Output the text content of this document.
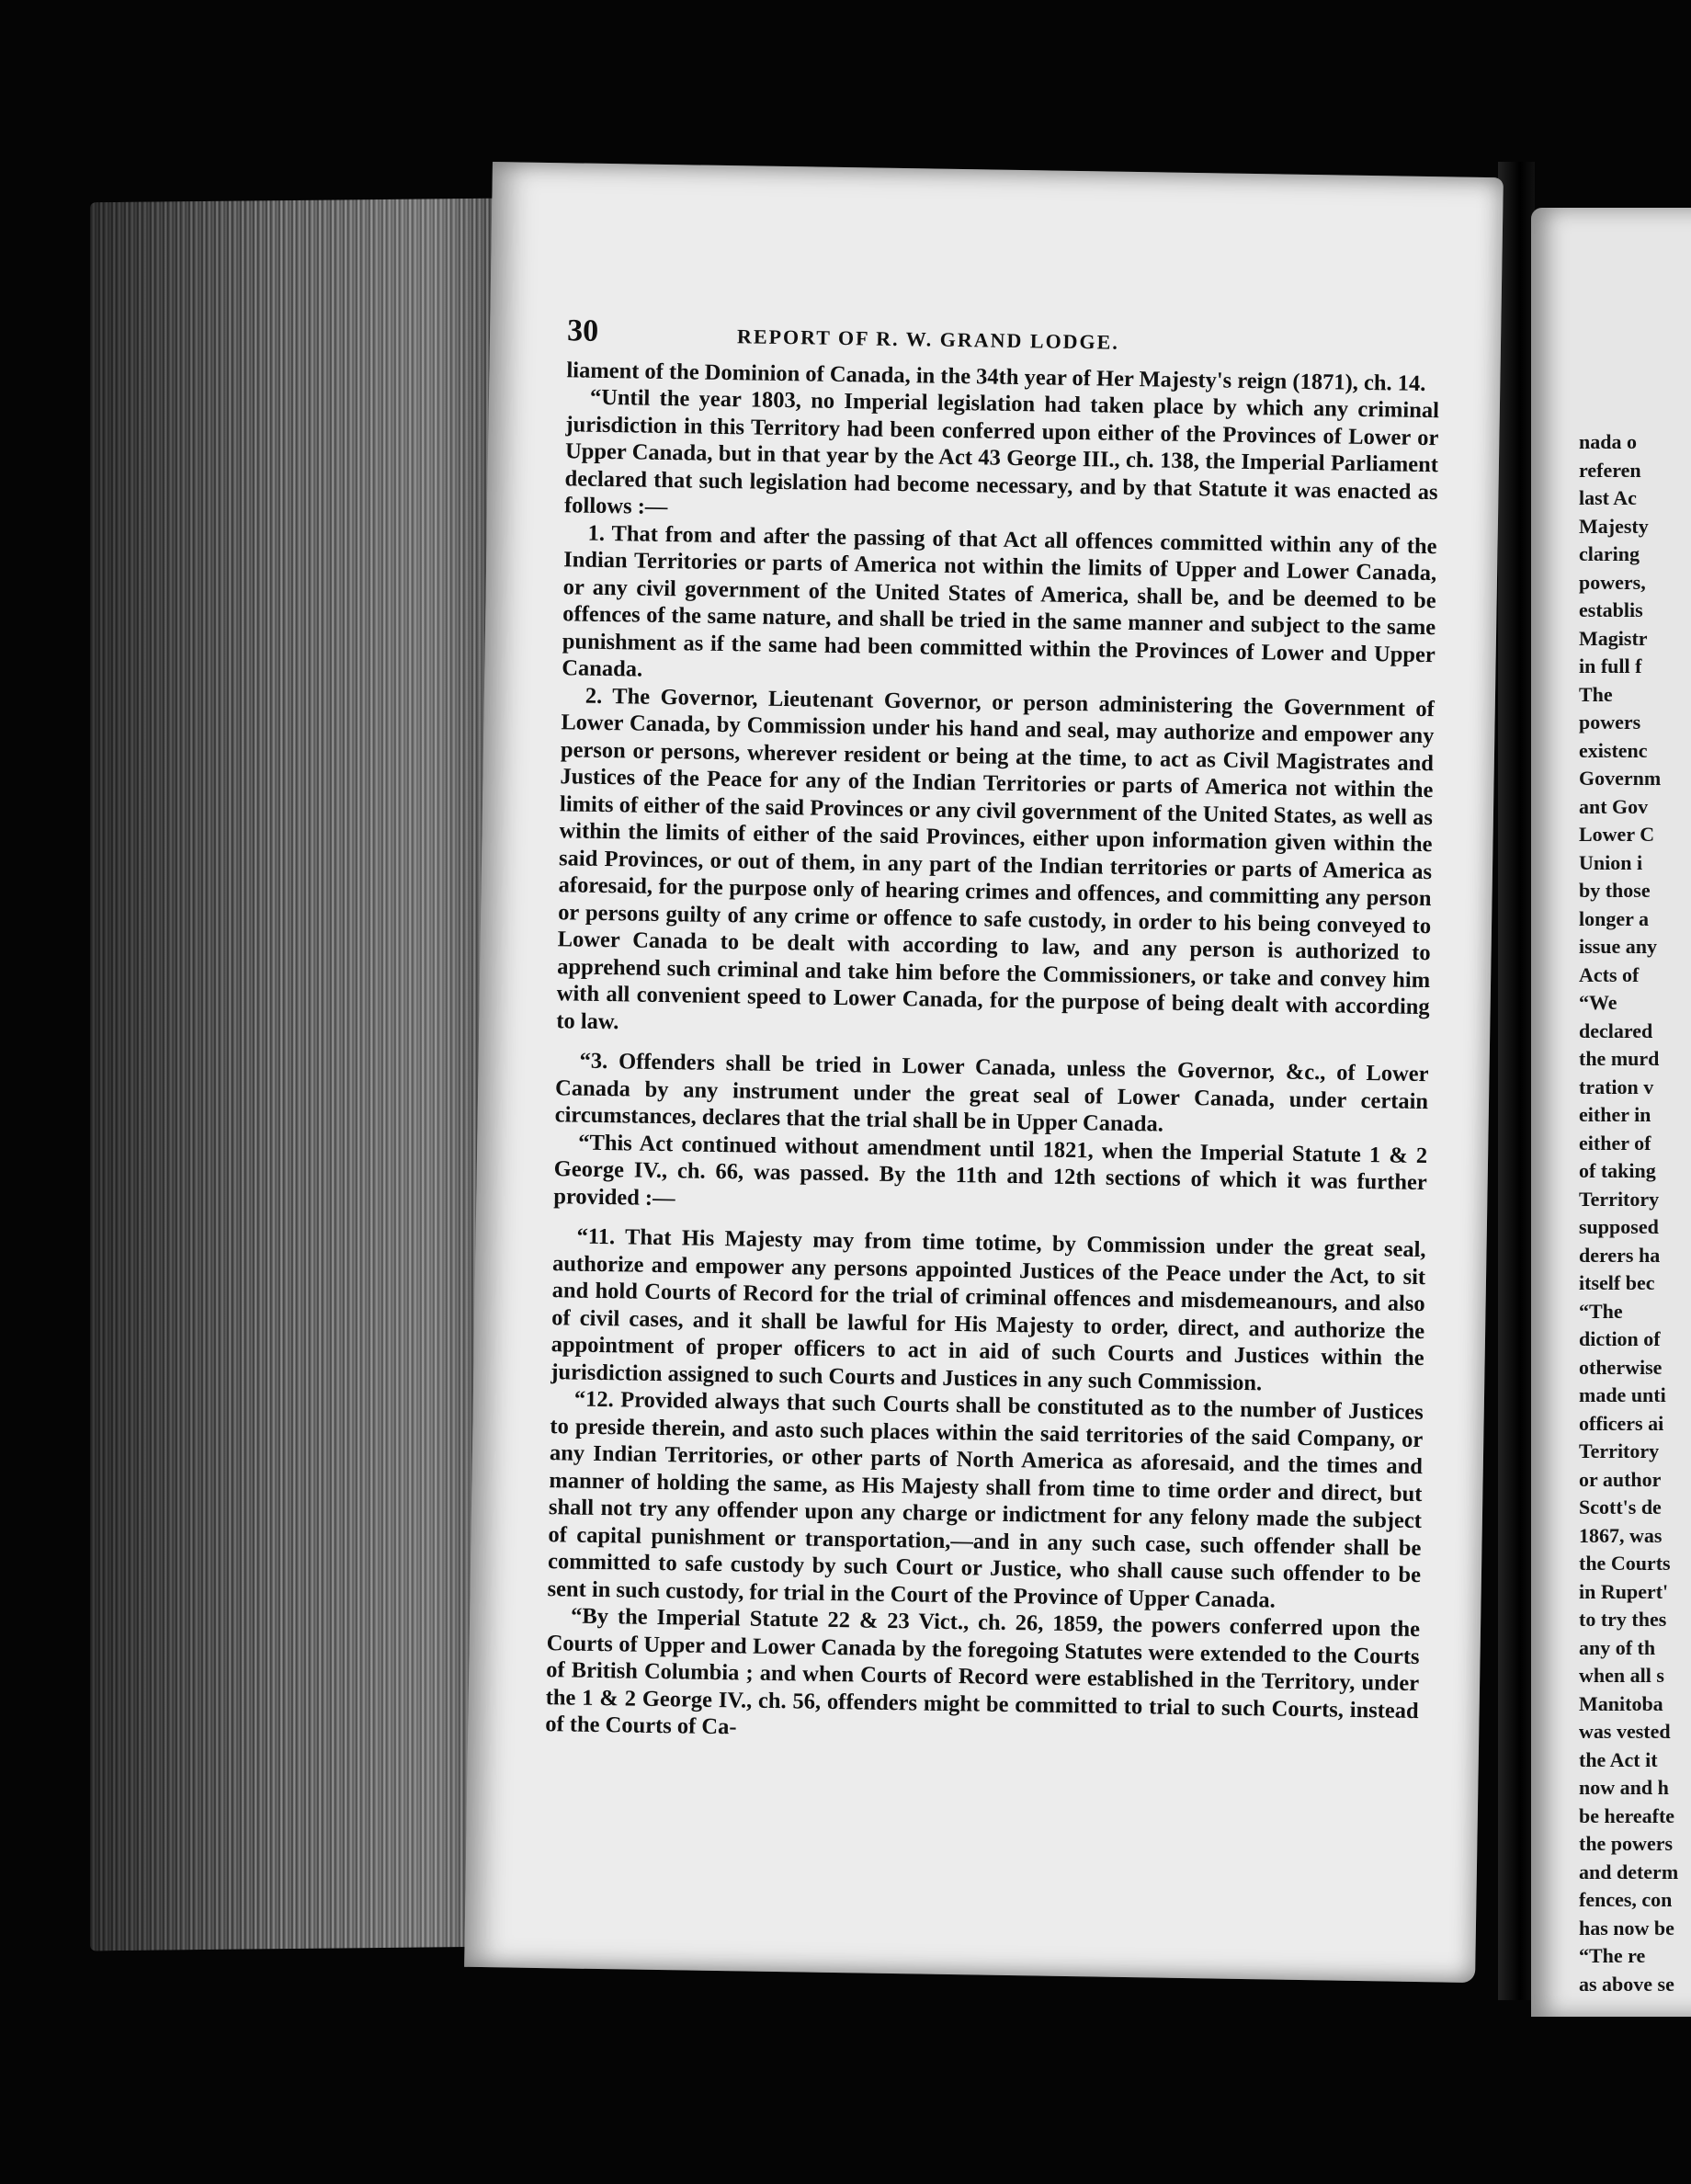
30	REPORT OF R. W. GRAND LODGE.

liament of the Dominion of Canada, in the 34th year of Her Majesty's reign (1871), ch. 14.

“Until the year 1803, no Imperial legislation had taken place by which any criminal jurisdiction in this Territory had been conferred upon either of the Provinces of Lower or Upper Canada, but in that year by the Act 43 George III., ch. 138, the Imperial Parliament declared that such legislation had become necessary, and by that Statute it was enacted as follows :—

1. That from and after the passing of that Act all offences committed within any of the Indian Territories or parts of America not within the limits of Upper and Lower Canada, or any civil government of the United States of America, shall be, and be deemed to be offences of the same nature, and shall be tried in the same manner and subject to the same punishment as if the same had been committed within the Provinces of Lower and Upper Canada.

2. The Governor, Lieutenant Governor, or person administering the Government of Lower Canada, by Commission under his hand and seal, may authorize and empower any person or persons, wherever resident or being at the time, to act as Civil Magistrates and Justices of the Peace for any of the Indian Territories or parts of America not within the limits of either of the said Provinces or any civil government of the United States, as well as within the limits of either of the said Provinces, either upon information given within the said Provinces, or out of them, in any part of the Indian territories or parts of America as aforesaid, for the purpose only of hearing crimes and offences, and committing any person or persons guilty of any crime or offence to safe custody, in order to his being conveyed to Lower Canada to be dealt with according to law, and any person is authorized to apprehend such criminal and take him before the Commissioners, or take and convey him with all convenient speed to Lower Canada, for the purpose of being dealt with according to law.

“3. Offenders shall be tried in Lower Canada, unless the Governor, &c., of Lower Canada by any instrument under the great seal of Lower Canada, under certain circumstances, declares that the trial shall be in Upper Canada.

“This Act continued without amendment until 1821, when the Imperial Statute 1 & 2 George IV., ch. 66, was passed. By the 11th and 12th sections of which it was further provided :—

“11. That His Majesty may from time totime, by Commission under the great seal, authorize and empower any persons appointed Justices of the Peace under the Act, to sit and hold Courts of Record for the trial of criminal offences and misdemeanours, and also of civil cases, and it shall be lawful for His Majesty to order, direct, and authorize the appointment of proper officers to act in aid of such Courts and Justices within the jurisdiction assigned to such Courts and Justices in any such Commission.

“12. Provided always that such Courts shall be constituted as to the number of Justices to preside therein, and asto such places within the said territories of the said Company, or any Indian Territories, or other parts of North America as aforesaid, and the times and manner of holding the same, as His Majesty shall from time to time order and direct, but shall not try any offender upon any charge or indictment for any felony made the subject of capital punishment or transportation,—and in any such case, such offender shall be committed to safe custody by such Court or Justice, who shall cause such offender to be sent in such custody, for trial in the Court of the Province of Upper Canada.

“By the Imperial Statute 22 & 23 Vict., ch. 26, 1859, the powers conferred upon the Courts of Upper and Lower Canada by the foregoing Statutes were extended to the Courts of British Columbia ; and when Courts of Record were established in the Territory, under the 1 & 2 George IV., ch. 56, offenders might be committed to trial to such Courts, instead of the Courts of Ca-

nada o
referen
last Ac
Majesty
claring
powers,
establis
Magistr
in full f
The
powers
existenc
Governm
ant Gov
Lower C
Union i
by those
longer a
issue any
Acts of
“We
declared
the murd
tration v
either in
either of
of taking
Territory
supposed
derers ha
itself bec
“The
diction of
otherwise
made unti
officers ai
Territory
or author
Scott's de
1867, was
the Courts
in Rupert'
to try thes
any of th
when all s
Manitoba
was vested
the Act it
now and h
be hereafte
the powers
and determ
fences, con
has now be
“The re
as above se
